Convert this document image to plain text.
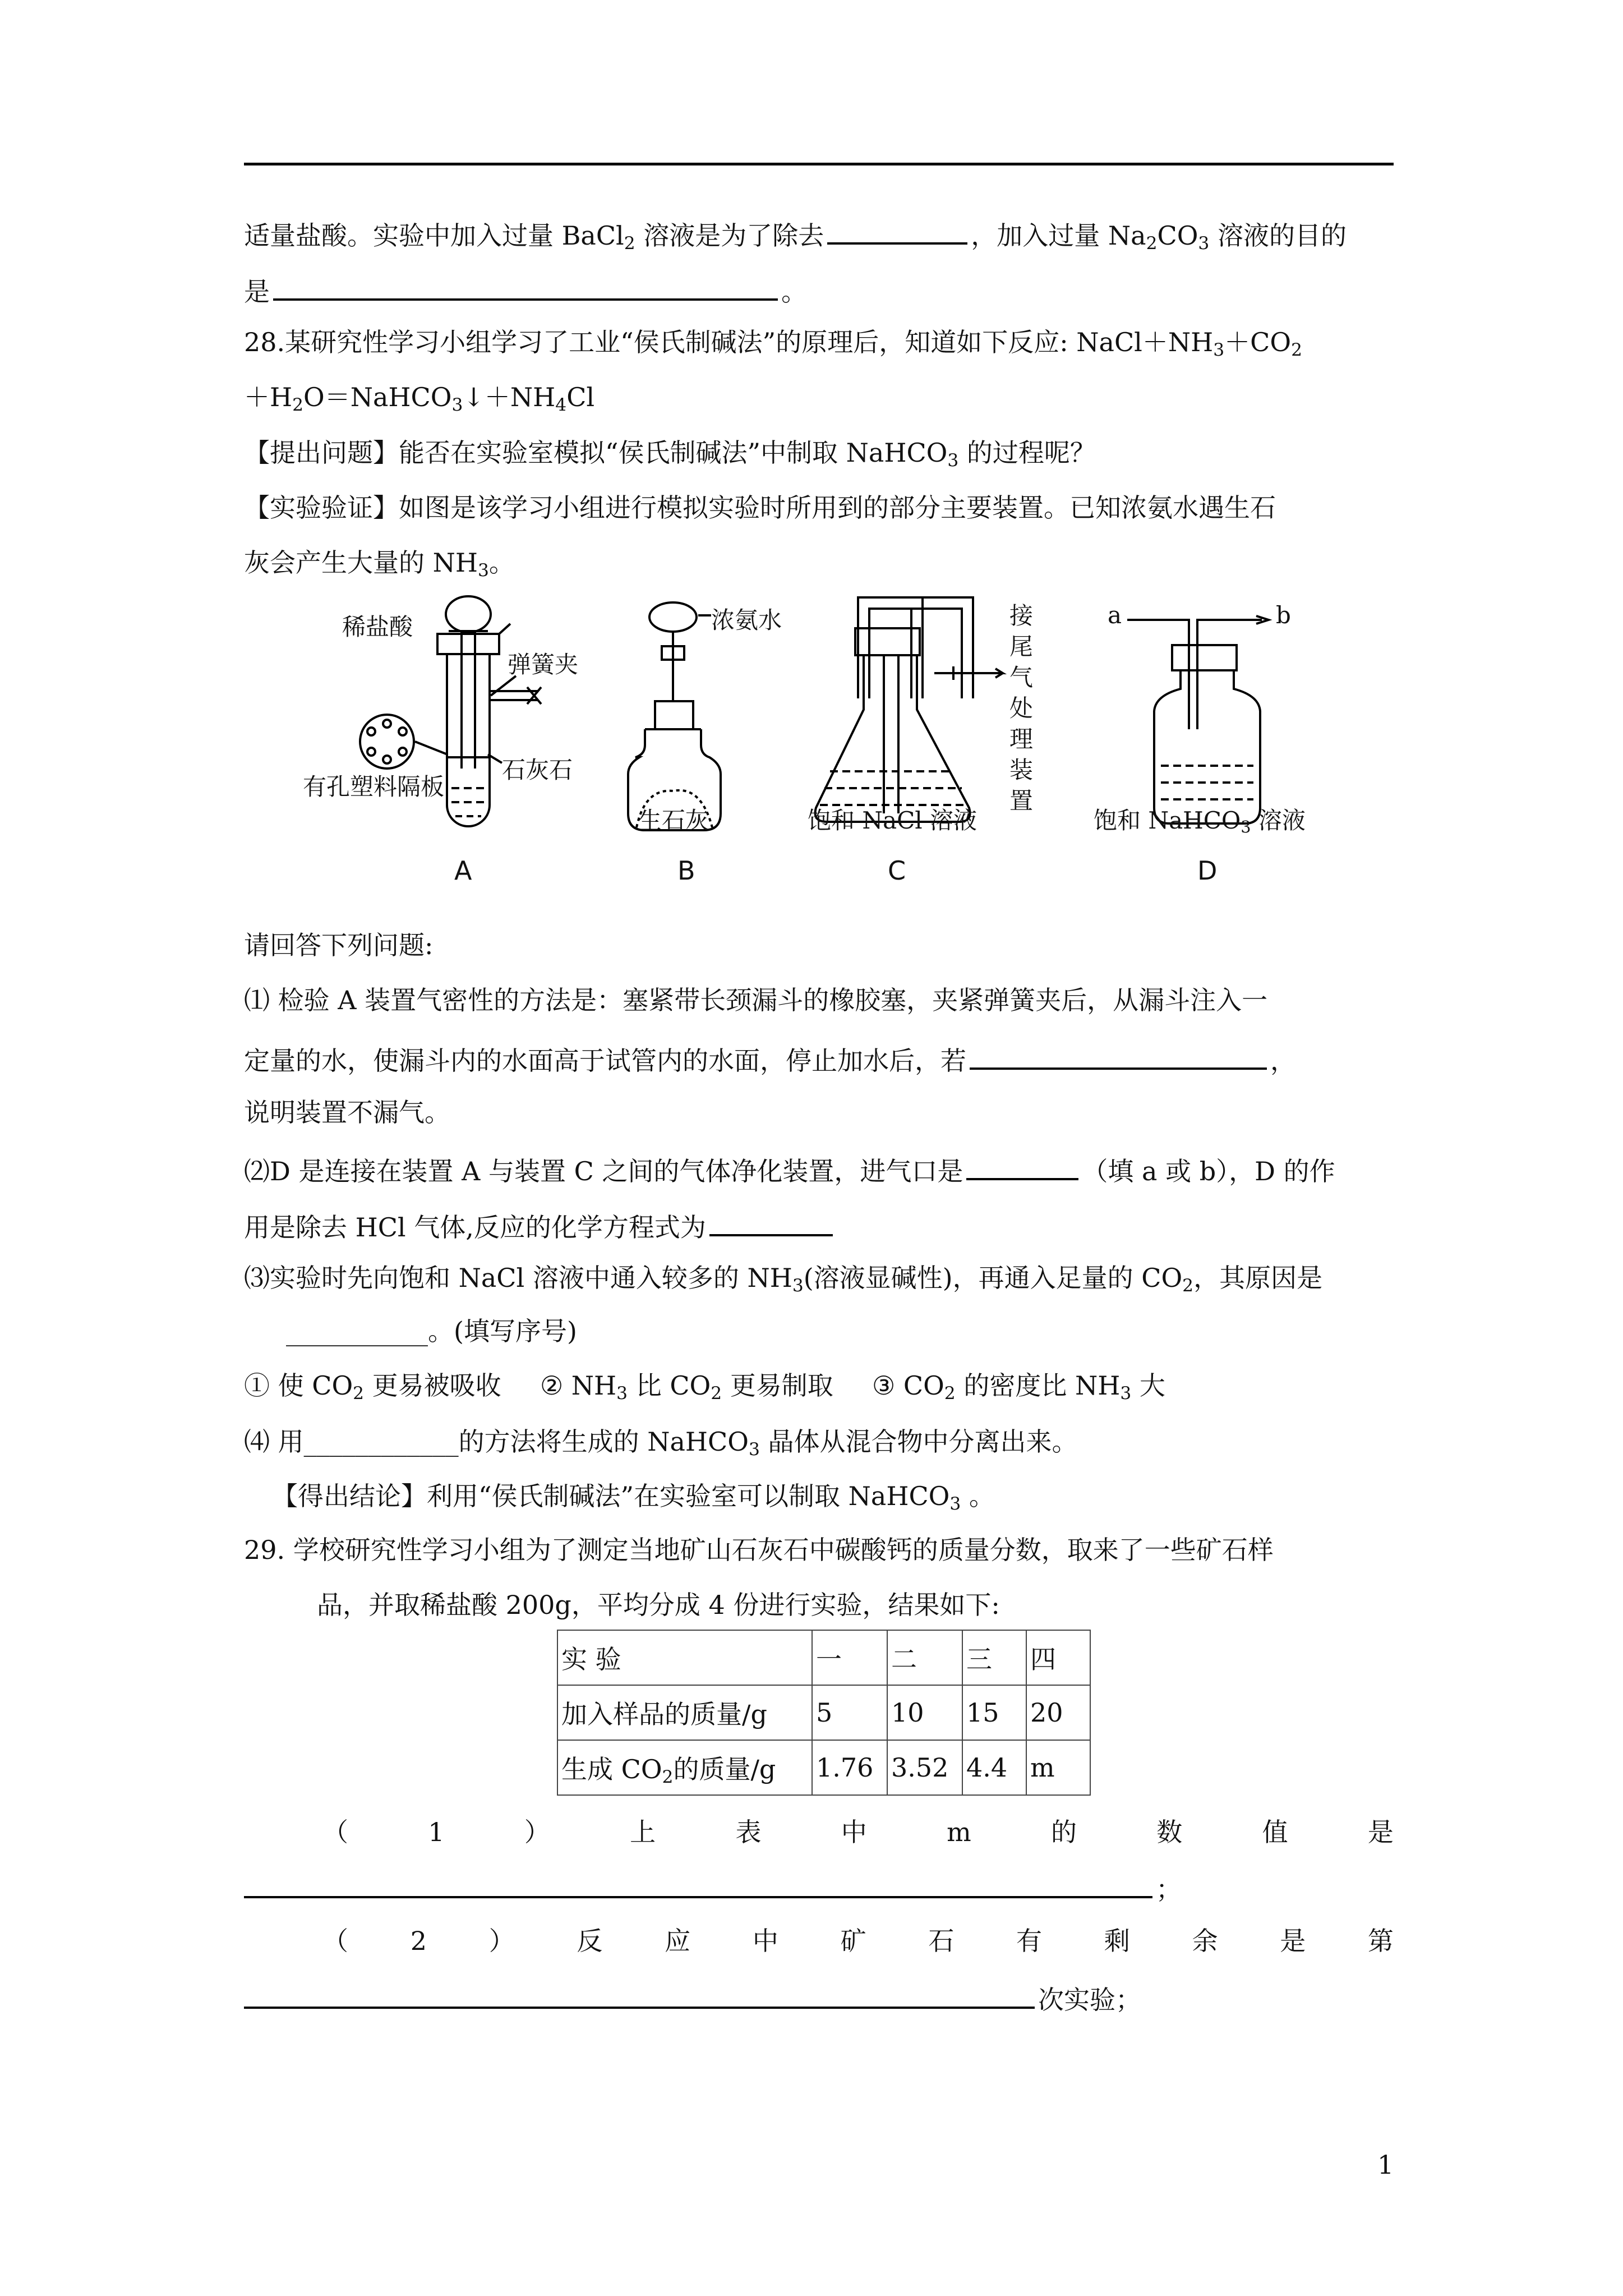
适量盐酸。实验中加入过量 BaCl$_2$ 溶液是为了除去	，加入过量 $Na_2CO_3$ 溶液的目的
是	。
28.某研究性学习小组学习了工业“侯氏制碱法”的原理后，知道如下反应: $NaCl+NH_3+CO_2$
$+H_2O=NaHCO_3↓+NH_4Cl$
【提出问题】能否在实验室模拟“侯氏制碱法”中制取 NaHCO$_3$ 的过程呢？
【实验验证】如图是该学习小组进行模拟实验时所用到的部分主要装置。已知浓氨水遇生石
灰会产生大量的 $NH_3$。
稀盐酸
弹簧夹
有孔塑料隔板
石灰石
浓氨水
生石灰
接尾气处理装置
饱和 NaCl 溶液
a	b
饱和 NaHCO$_3$ 溶液
A	B	C	D
请回答下列问题:
⑴ 检验 A 装置气密性的方法是：塞紧带长颈漏斗的橡胶塞，夹紧弹簧夹后，从漏斗注入一
定量的水，使漏斗内的水面高于试管内的水面，停止加水后，若	，
说明装置不漏气。
⑵D 是连接在装置 A 与装置 C 之间的气体净化装置，进气口是	（填 a 或 b），D 的作
用是除去 HCl 气体,反应的化学方程式为
⑶实验时先向饱和 NaCl 溶液中通入较多的 $NH_3$(溶液显碱性)，再通入足量的 $CO_2$，其原因是
___________。(填写序号)
① 使 $CO_2$ 更易被吸收 ② $NH_3$ 比 $CO_2$ 更易制取 ③ $CO_2$ 的密度比 $NH_3$ 大
⑷ 用____________的方法将生成的 NaHCO$_3$ 晶体从混合物中分离出来。
【得出结论】利用“侯氏制碱法”在实验室可以制取 NaHCO$_3$ 。
29. 学校研究性学习小组为了测定当地矿山石灰石中碳酸钙的质量分数，取来了一些矿石样
品，并取稀盐酸 200g，平均分成 4 份进行实验，结果如下:
实 验	一	二	三	四
加入样品的质量/g	5	10	15	20
生成 $CO_2$的质量/g	1.76	3.52	4.4	m
（	1	）	上	表	中	m	的	数	值	是
；
（ 2 ） 反 应 中 矿 石 有 剩 余 是 第
次实验；
1
